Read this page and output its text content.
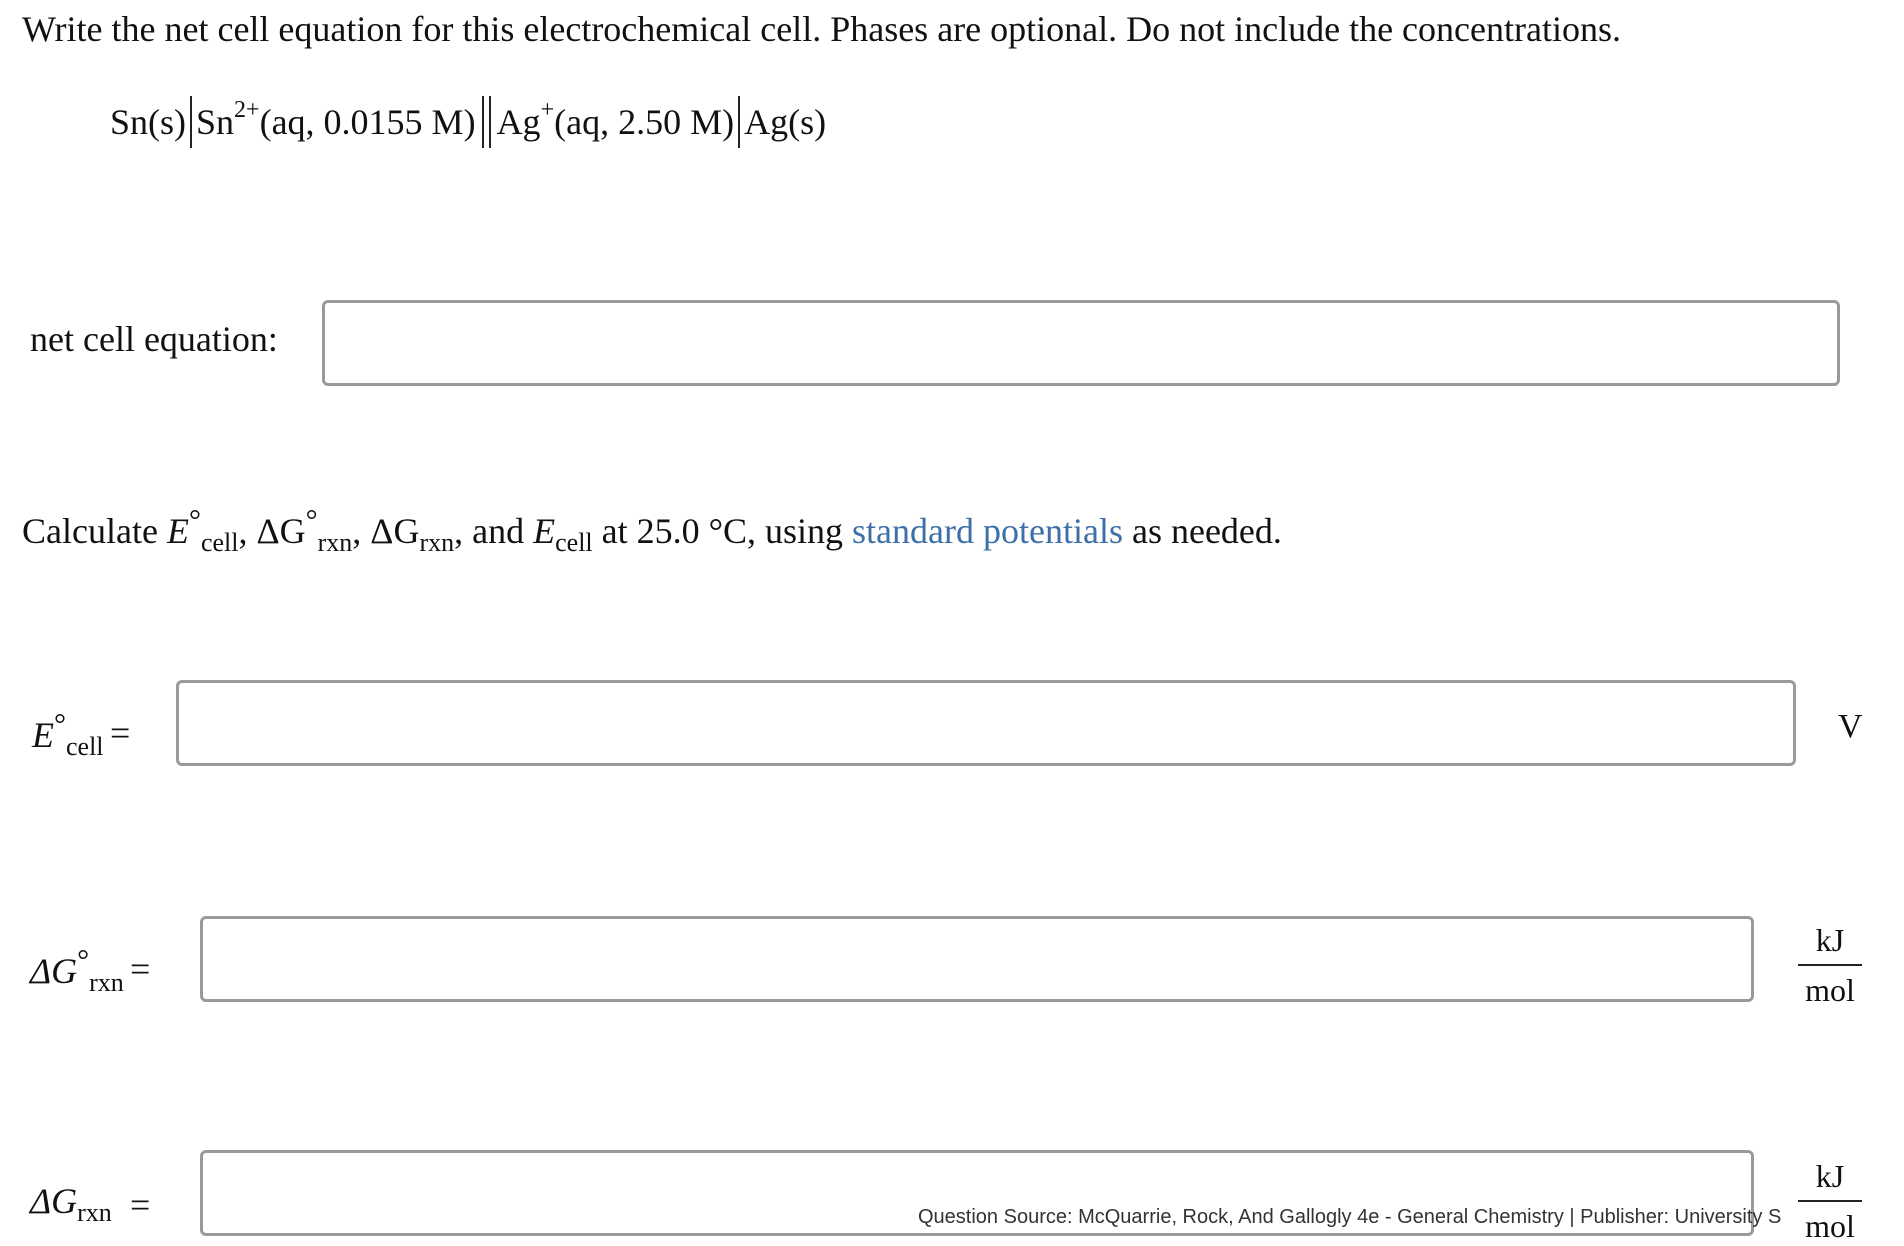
Write the net cell equation for this electrochemical cell. Phases are optional. Do not include the concentrations.
Sn(s) $Sn^{2+}$ (aq, 0.0155 M) Ag+ (aq, 2.50 M) Ag(s)
net cell equation:
Calculate $E^\circ_{cell}$, $\Delta G^\circ_{rxn}$, $\Delta G_{rxn}$, and $E_{cell}$ at 25.0 °C, using standard potentials as needed.
$E^\circ_{cell}$ =	V
$\Delta G^\circ_{rxn}$ =
kJ
mol
$\Delta G_{rxn}$ =
kJ
mol
Question Source: McQuarrie, Rock, And Gallogly 4e - General Chemistry | Publisher: University S
